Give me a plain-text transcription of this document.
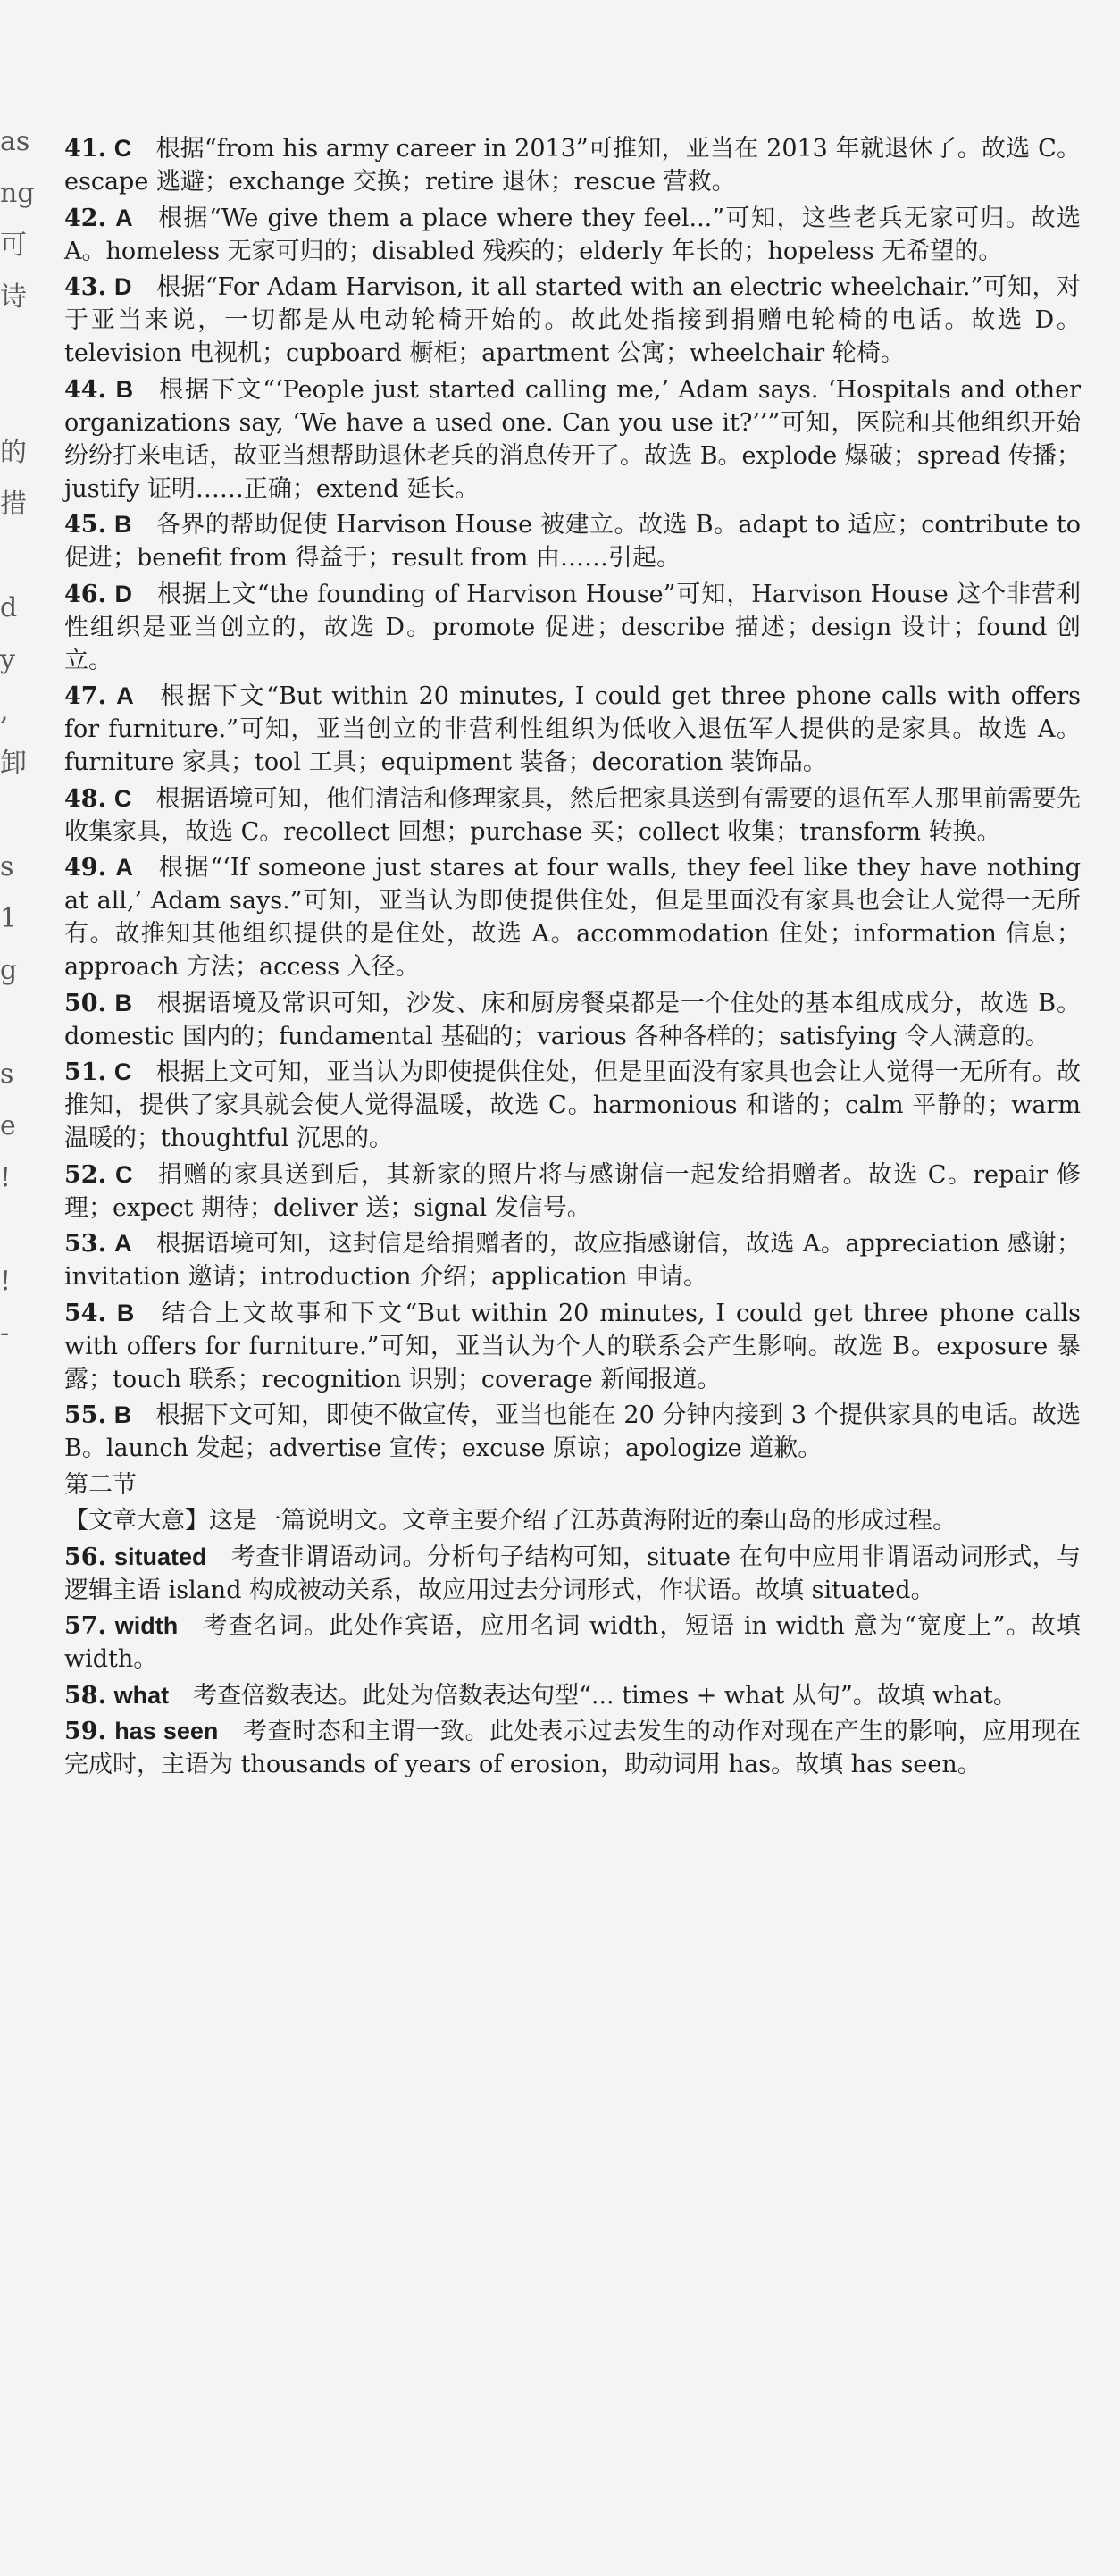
as
ng
可
诗
的
措
d
y
,
卸
s
1
g
s
e
!
!
-
41. C  根据“from his army career in 2013”可推知，亚当在 2013 年就退休了。故选 C。escape 逃避；exchange 交换；retire 退休；rescue 营救。
42. A  根据“We give them a place where they feel...”可知，这些老兵无家可归。故选 A。homeless 无家可归的；disabled 残疾的；elderly 年长的；hopeless 无希望的。
43. D  根据“For Adam Harvison, it all started with an electric wheelchair.”可知，对于亚当来说，一切都是从电动轮椅开始的。故此处指接到捐赠电轮椅的电话。故选 D。television 电视机；cupboard 橱柜；apartment 公寓；wheelchair 轮椅。
44. B  根据下文“‘People just started calling me,’ Adam says. ‘Hospitals and other organizations say, ‘We have a used one. Can you use it?’’”可知，医院和其他组织开始纷纷打来电话，故亚当想帮助退休老兵的消息传开了。故选 B。explode 爆破；spread 传播；justify 证明……正确；extend 延长。
45. B  各界的帮助促使 Harvison House 被建立。故选 B。adapt to 适应；contribute to 促进；benefit from 得益于；result from 由……引起。
46. D  根据上文“the founding of Harvison House”可知，Harvison House 这个非营利性组织是亚当创立的，故选 D。promote 促进；describe 描述；design 设计；found 创立。
47. A  根据下文“But within 20 minutes, I could get three phone calls with offers for furniture.”可知，亚当创立的非营利性组织为低收入退伍军人提供的是家具。故选 A。furniture 家具；tool 工具；equipment 装备；decoration 装饰品。
48. C  根据语境可知，他们清洁和修理家具，然后把家具送到有需要的退伍军人那里前需要先收集家具，故选 C。recollect 回想；purchase 买；collect 收集；transform 转换。
49. A  根据“‘If someone just stares at four walls, they feel like they have nothing at all,’ Adam says.”可知，亚当认为即使提供住处，但是里面没有家具也会让人觉得一无所有。故推知其他组织提供的是住处，故选 A。accommodation 住处；information 信息；approach 方法；access 入径。
50. B  根据语境及常识可知，沙发、床和厨房餐桌都是一个住处的基本组成成分，故选 B。domestic 国内的；fundamental 基础的；various 各种各样的；satisfying 令人满意的。
51. C  根据上文可知，亚当认为即使提供住处，但是里面没有家具也会让人觉得一无所有。故推知，提供了家具就会使人觉得温暖，故选 C。harmonious 和谐的；calm 平静的；warm 温暖的；thoughtful 沉思的。
52. C  捐赠的家具送到后，其新家的照片将与感谢信一起发给捐赠者。故选 C。repair 修理；expect 期待；deliver 送；signal 发信号。
53. A  根据语境可知，这封信是给捐赠者的，故应指感谢信，故选 A。appreciation 感谢；invitation 邀请；introduction 介绍；application 申请。
54. B  结合上文故事和下文“But within 20 minutes, I could get three phone calls with offers for furniture.”可知，亚当认为个人的联系会产生影响。故选 B。exposure 暴露；touch 联系；recognition 识别；coverage 新闻报道。
55. B  根据下文可知，即使不做宣传，亚当也能在 20 分钟内接到 3 个提供家具的电话。故选 B。launch 发起；advertise 宣传；excuse 原谅；apologize 道歉。
第二节
【文章大意】这是一篇说明文。文章主要介绍了江苏黄海附近的秦山岛的形成过程。
56. situated  考查非谓语动词。分析句子结构可知，situate 在句中应用非谓语动词形式，与逻辑主语 island 构成被动关系，故应用过去分词形式，作状语。故填 situated。
57. width  考查名词。此处作宾语，应用名词 width，短语 in width 意为“宽度上”。故填 width。
58. what  考查倍数表达。此处为倍数表达句型“... times + what 从句”。故填 what。
59. has seen  考查时态和主谓一致。此处表示过去发生的动作对现在产生的影响，应用现在完成时，主语为 thousands of years of erosion，助动词用 has。故填 has seen。
